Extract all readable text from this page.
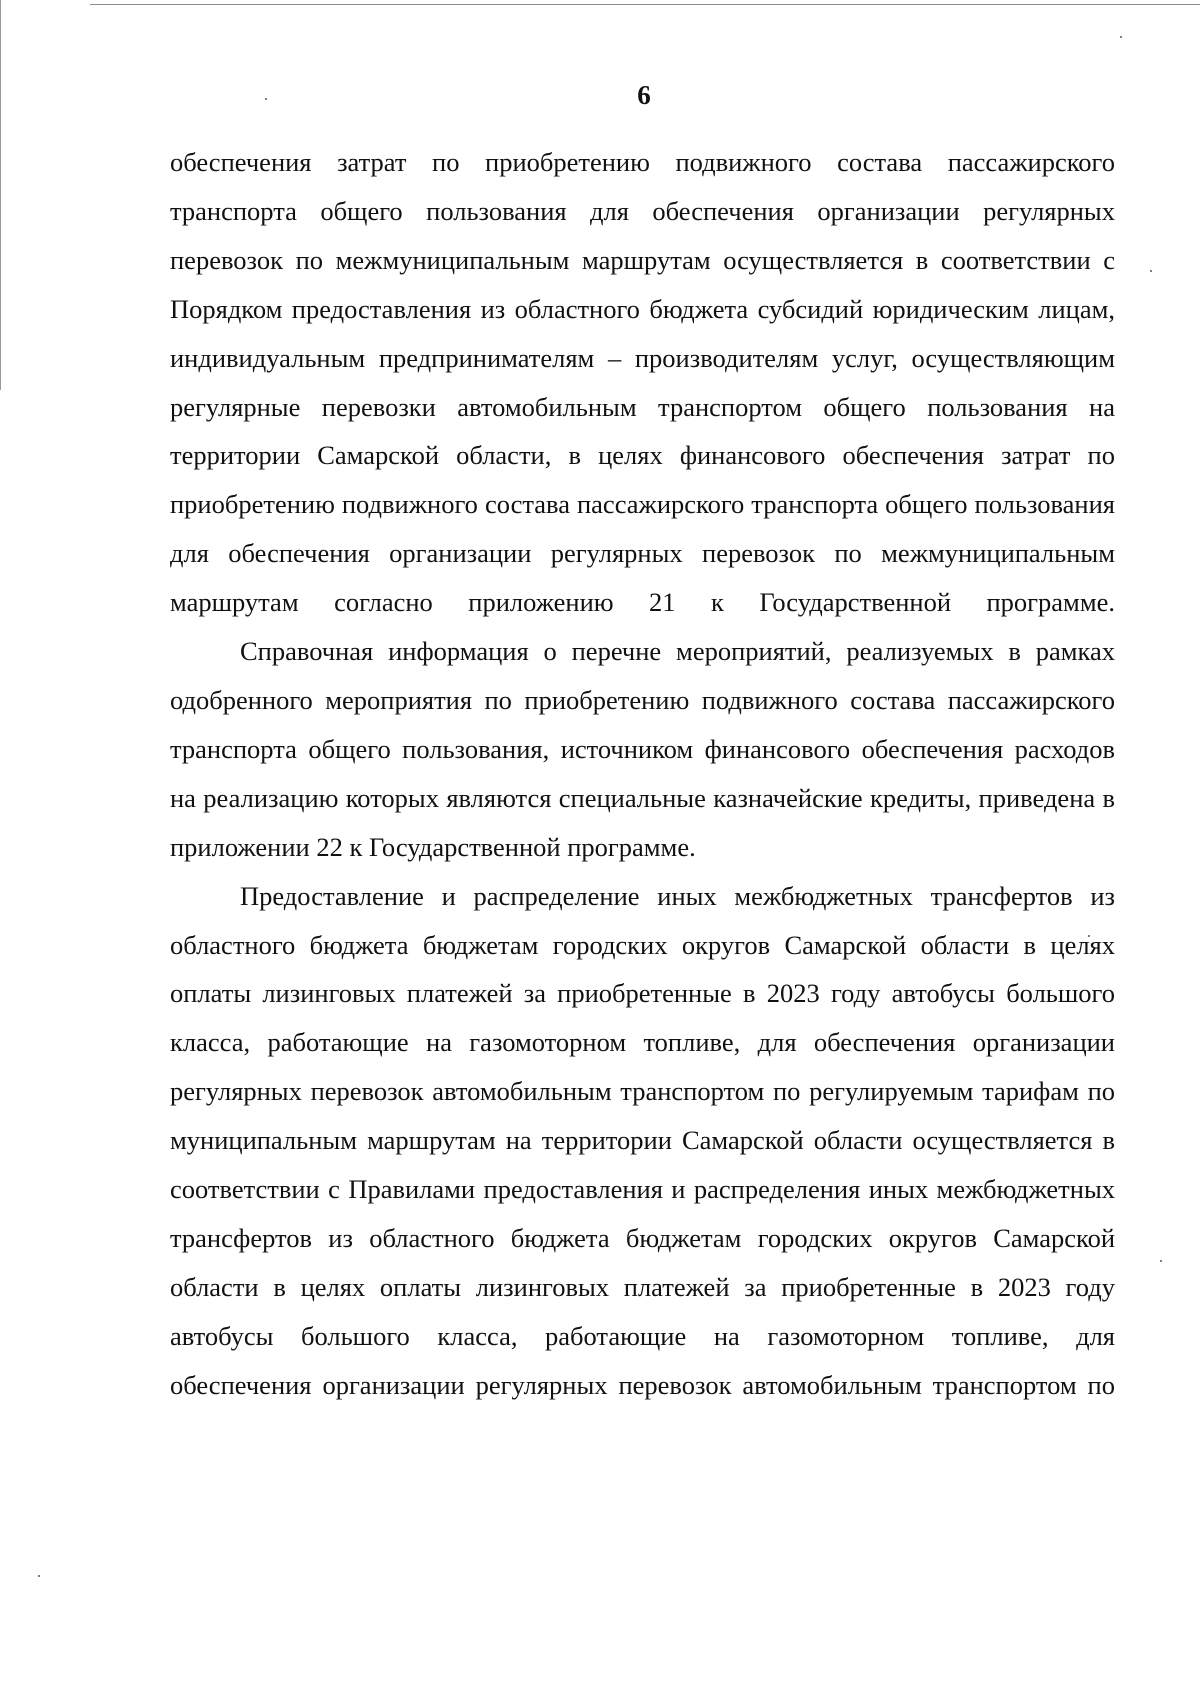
6

обеспечения затрат по приобретению подвижного состава пассажирского транспорта общего пользования для обеспечения организации регулярных перевозок по межмуниципальным маршрутам осуществляется в соответствии с Порядком предоставления из областного бюджета субсидий юридическим лицам, индивидуальным предпринимателям – производителям услуг, осуществляющим регулярные перевозки автомобильным транспортом общего пользования на территории Самарской области, в целях финансового обеспечения затрат по приобретению подвижного состава пассажирского транспорта общего пользования для обеспечения организации регулярных перевозок по межмуниципальным маршрутам согласно приложению 21 к Государственной программе.

Справочная информация о перечне мероприятий, реализуемых в рамках одобренного мероприятия по приобретению подвижного состава пассажирского транспорта общего пользования, источником финансового обеспечения расходов на реализацию которых являются специальные казначейские кредиты, приведена в приложении 22 к Государственной программе.

Предоставление и распределение иных межбюджетных трансфертов из областного бюджета бюджетам городских округов Самарской области в целях оплаты лизинговых платежей за приобретенные в 2023 году автобусы большого класса, работающие на газомоторном топливе, для обеспечения организации регулярных перевозок автомобильным транспортом по регулируемым тарифам по муниципальным маршрутам на территории Самарской области осуществляется в соответствии с Правилами предоставления и распределения иных межбюджетных трансфертов из областного бюджета бюджетам городских округов Самарской области в целях оплаты лизинговых платежей за приобретенные в 2023 году автобусы большого класса, работающие на газомоторном топливе, для обеспечения организации регулярных перевозок автомобильным транспортом по
